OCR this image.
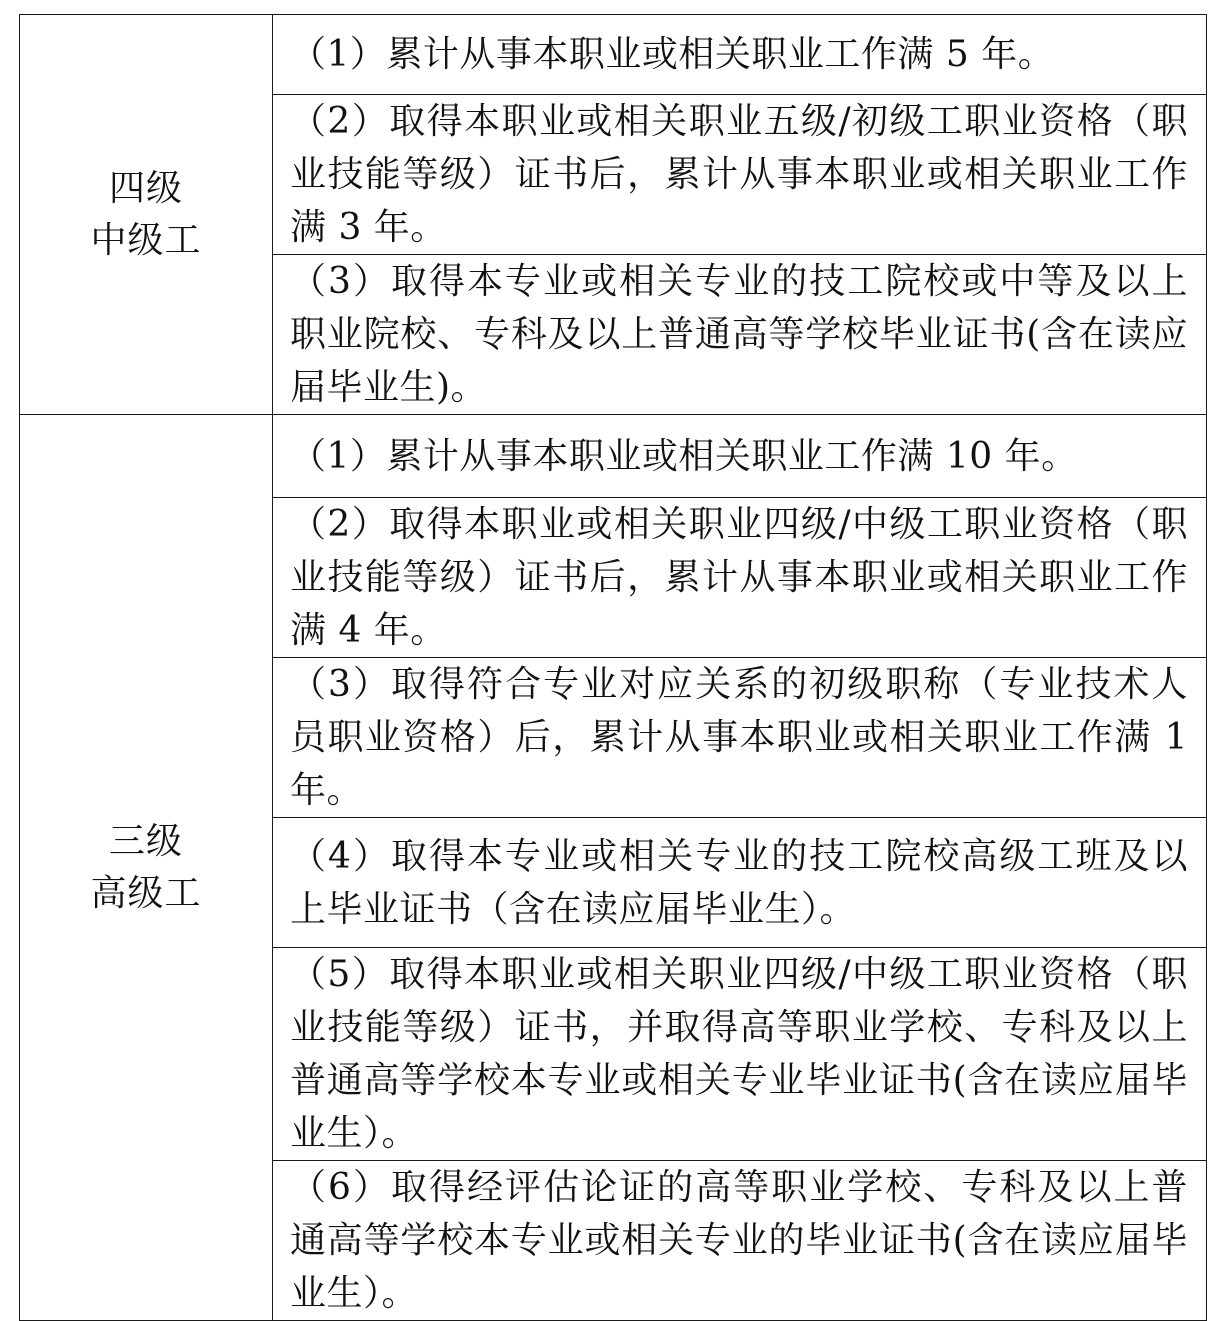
四级
中级工	（1）累计从事本职业或相关职业工作满 5 年。

	（2）取得本职业或相关职业五级/初级工职业资格（职业技能等级）证书后，累计从事本职业或相关职业工作满 3 年。

	（3）取得本专业或相关专业的技工院校或中等及以上职业院校、专科及以上普通高等学校毕业证书(含在读应届毕业生)。

三级
高级工	（1）累计从事本职业或相关职业工作满 10 年。

	（2）取得本职业或相关职业四级/中级工职业资格（职业技能等级）证书后，累计从事本职业或相关职业工作满 4 年。

	（3）取得符合专业对应关系的初级职称（专业技术人员职业资格）后，累计从事本职业或相关职业工作满 1 年。

	（4）取得本专业或相关专业的技工院校高级工班及以上毕业证书（含在读应届毕业生）。

	（5）取得本职业或相关职业四级/中级工职业资格（职业技能等级）证书，并取得高等职业学校、专科及以上普通高等学校本专业或相关专业毕业证书(含在读应届毕业生）。

	（6）取得经评估论证的高等职业学校、专科及以上普通高等学校本专业或相关专业的毕业证书(含在读应届毕业生）。
